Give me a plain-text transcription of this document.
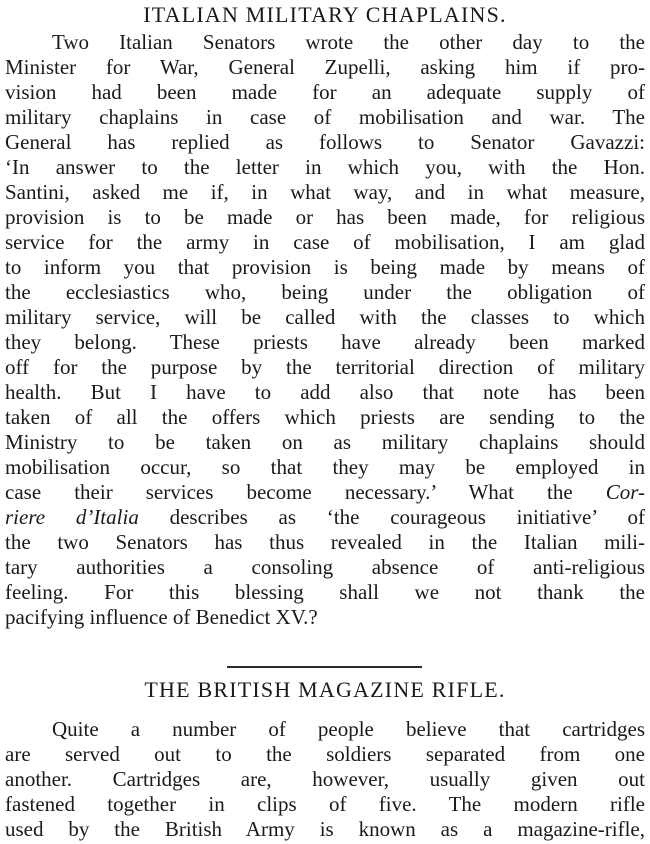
ITALIAN MILITARY CHAPLAINS.
Two Italian Senators wrote the other day to the
Minister for War, General Zupelli, asking him if pro-
vision had been made for an adequate supply of
military chaplains in case of mobilisation and war. The
General has replied as follows to Senator Gavazzi:
‘In answer to the letter in which you, with the Hon.
Santini, asked me if, in what way, and in what measure,
provision is to be made or has been made, for religious
service for the army in case of mobilisation, I am glad
to inform you that provision is being made by means of
the ecclesiastics who, being under the obligation of
military service, will be called with the classes to which
they belong. These priests have already been marked
off for the purpose by the territorial direction of military
health. But I have to add also that note has been
taken of all the offers which priests are sending to the
Ministry to be taken on as military chaplains should
mobilisation occur, so that they may be employed in
case their services become necessary.’ What the Cor-
riere d’Italia describes as ‘the courageous initiative’ of
the two Senators has thus revealed in the Italian mili-
tary authorities a consoling absence of anti-religious
feeling. For this blessing shall we not thank the
pacifying influence of Benedict XV.?
THE BRITISH MAGAZINE RIFLE.
Quite a number of people believe that cartridges
are served out to the soldiers separated from one
another. Cartridges are, however, usually given out
fastened together in clips of five. The modern rifle
used by the British Army is known as a magazine-rifle,
